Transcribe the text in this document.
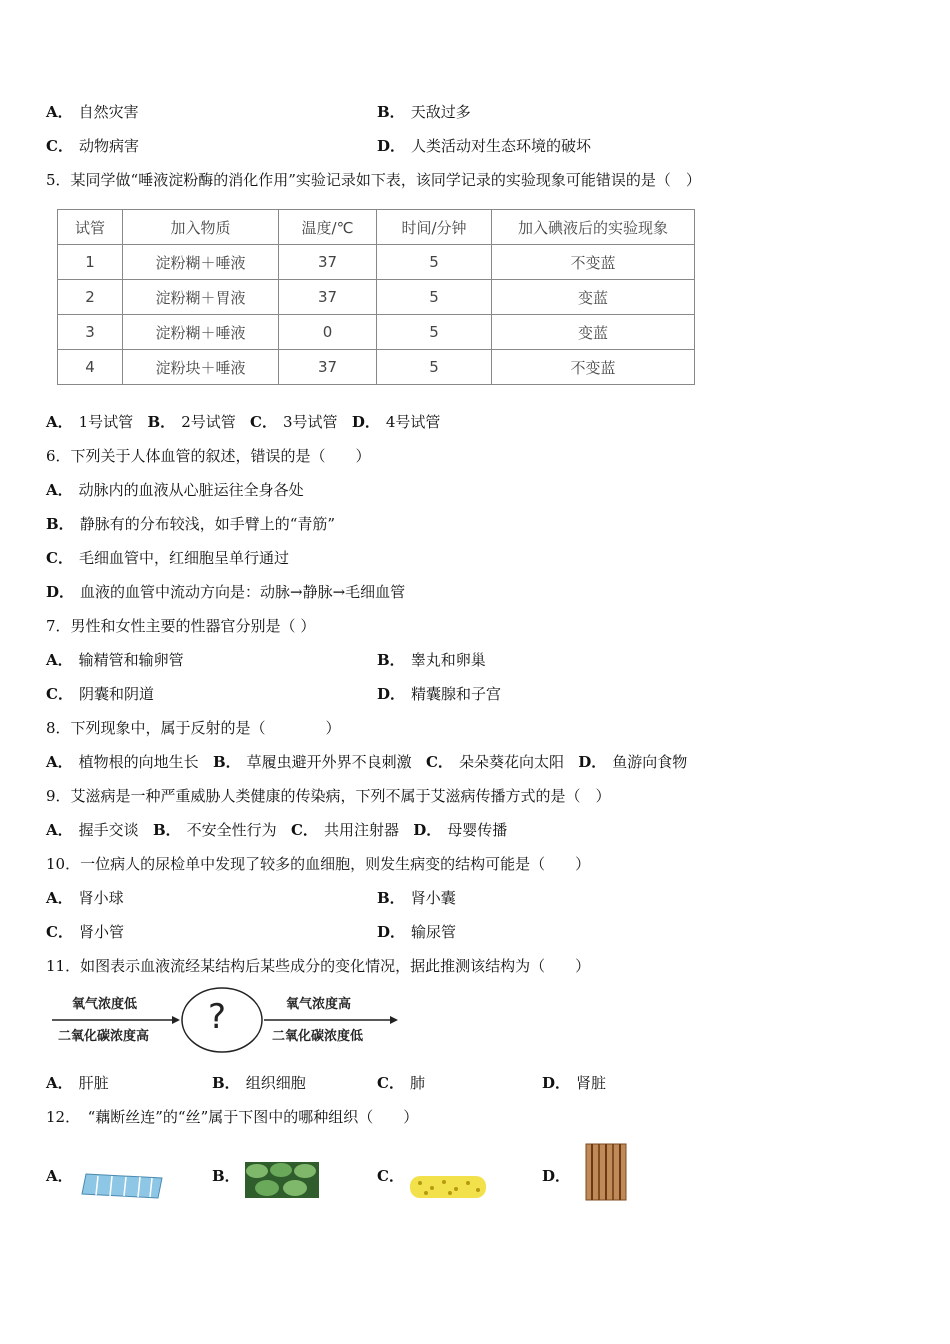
A． 自然灾害	B． 天敌过多
C． 动物病害	D． 人类活动对生态环境的破坏
5．某同学做“唾液淀粉酶的消化作用”实验记录如下表，该同学记录的实验现象可能错误的是（　）
试管	加入物质	温度/℃	时间/分钟	加入碘液后的实验现象
1	淀粉糊＋唾液	37	5	不变蓝
2	淀粉糊＋胃液	37	5	变蓝
3	淀粉糊＋唾液	0	5	变蓝
4	淀粉块＋唾液	37	5	不变蓝
A． 1号试管 B． 2号试管 C． 3号试管 D． 4号试管
6．下列关于人体血管的叙述，错误的是（　　）
A． 动脉内的血液从心脏运往全身各处
B． 静脉有的分布较浅，如手臂上的“青筋”
C． 毛细血管中，红细胞呈单行通过
D． 血液的血管中流动方向是：动脉→静脉→毛细血管
7．男性和女性主要的性器官分别是（ ）
A． 输精管和输卵管	B． 睾丸和卵巢
C． 阴囊和阴道	D． 精囊腺和子宫
8．下列现象中，属于反射的是（　　　　）
A． 植物根的向地生长 B． 草履虫避开外界不良刺激 C． 朵朵葵花向太阳 D． 鱼游向食物
9．艾滋病是一种严重威胁人类健康的传染病，下列不属于艾滋病传播方式的是（　）
A． 握手交谈 B． 不安全性行为 C． 共用注射器 D． 母婴传播
10．一位病人的尿检单中发现了较多的血细胞，则发生病变的结构可能是（　　）
A． 肾小球	B． 肾小囊
C． 肾小管	D． 输尿管
11．如图表示血液流经某结构后某些成分的变化情况，据此推测该结构为（　　）
氧气浓度低
二氧化碳浓度高 ?	氧气浓度高
二氧化碳浓度低
A． 肝脏	B． 组织细胞	C． 肺	D． 肾脏
12．　“藕断丝连”的“丝”属于下图中的哪种组织（　　）
A．	B．	C．	D．
